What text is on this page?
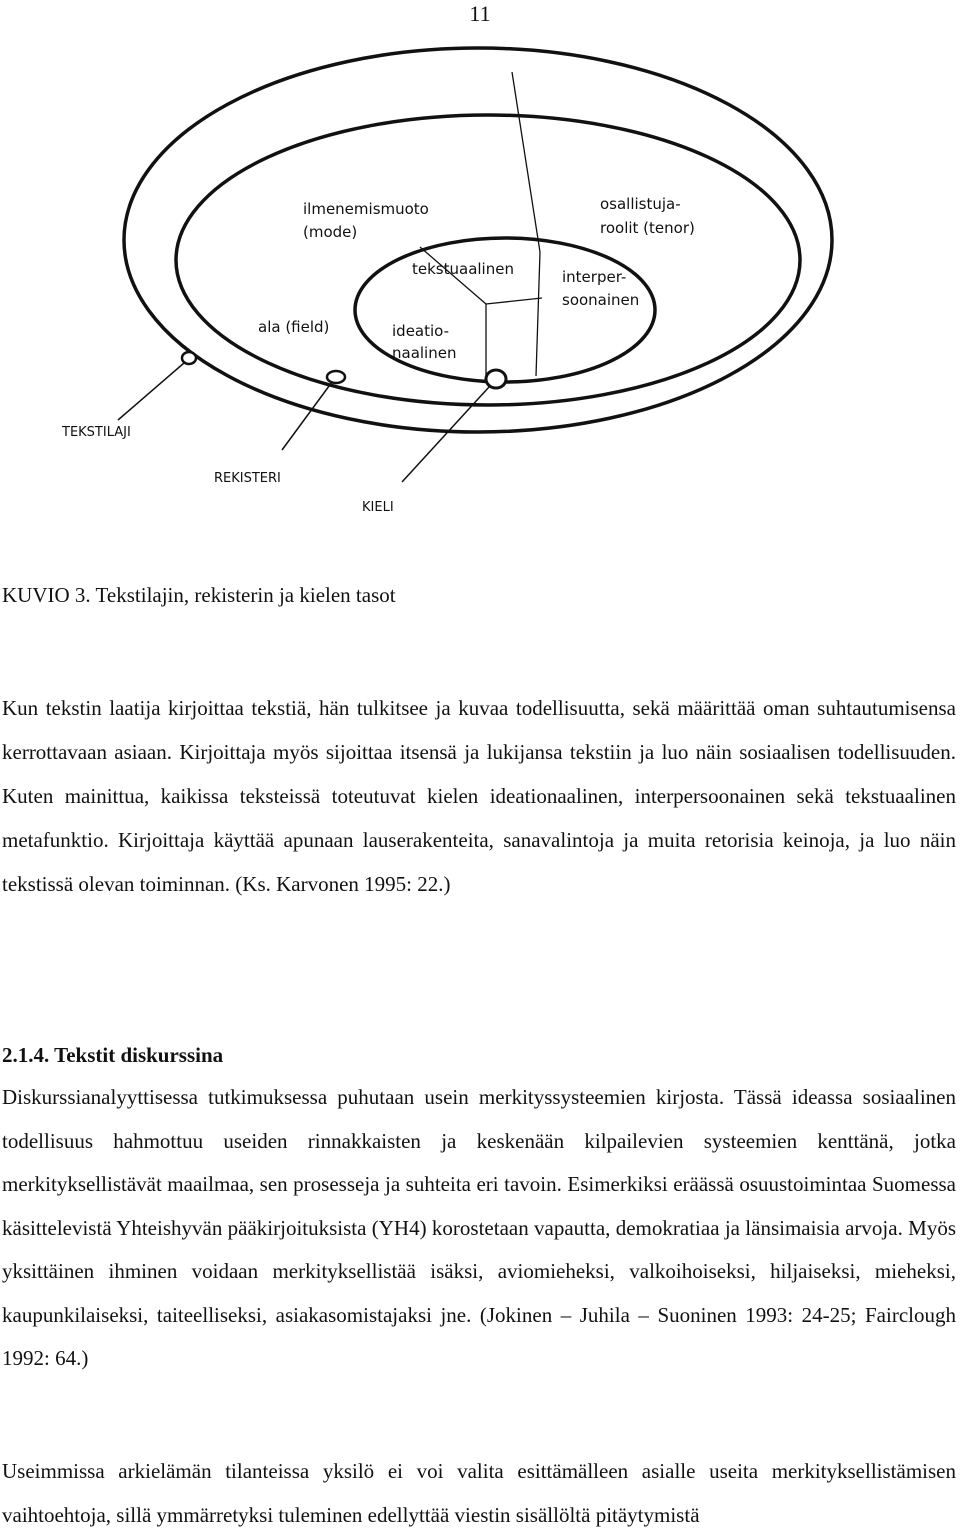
11
ilmenemismuoto
(mode)
osallistuja-
roolit (tenor)
tekstuaalinen	interper-
soonainen
ala (field)	ideatio-
naalinen
TEKSTILAJI
REKISTERI
KIELI
KUVIO 3. Tekstilajin, rekisterin ja kielen tasot

Kun tekstin laatija kirjoittaa tekstiä, hän tulkitsee ja kuvaa todellisuutta, sekä määrittää oman suhtautumisensa kerrottavaan asiaan. Kirjoittaja myös sijoittaa itsensä ja lukijansa tekstiin ja luo näin sosiaalisen todellisuuden. Kuten mainittua, kaikissa teksteissä toteutuvat kielen ideationaalinen, interpersoonainen sekä tekstuaalinen metafunktio. Kirjoittaja käyttää apunaan lauserakenteita, sanavalintoja ja muita retorisia keinoja, ja luo näin tekstissä olevan toiminnan. (Ks. Karvonen 1995: 22.)

2.1.4. Tekstit diskurssina

Diskurssianalyyttisessa tutkimuksessa puhutaan usein merkityssysteemien kirjosta. Tässä ideassa sosiaalinen todellisuus hahmottuu useiden rinnakkaisten ja keskenään kilpailevien systeemien kenttänä, jotka merkityksellistävät maailmaa, sen prosesseja ja suhteita eri tavoin. Esimerkiksi eräässä osuustoimintaa Suomessa käsittelevistä Yhteishyvän pääkirjoituksista (YH4) korostetaan vapautta, demokratiaa ja länsimaisia arvoja. Myös yksittäinen ihminen voidaan merkityksellistää isäksi, aviomieheksi, valkoihoiseksi, hiljaiseksi, mieheksi, kaupunkilaiseksi, taiteelliseksi, asiakasomistajaksi jne. (Jokinen – Juhila – Suoninen 1993: 24-25; Fairclough 1992: 64.)

Useimmissa arkielämän tilanteissa yksilö ei voi valita esittämälleen asialle useita merkityksellistämisen vaihtoehtoja, sillä ymmärretyksi tuleminen edellyttää viestin sisällöltä pitäytymistä
